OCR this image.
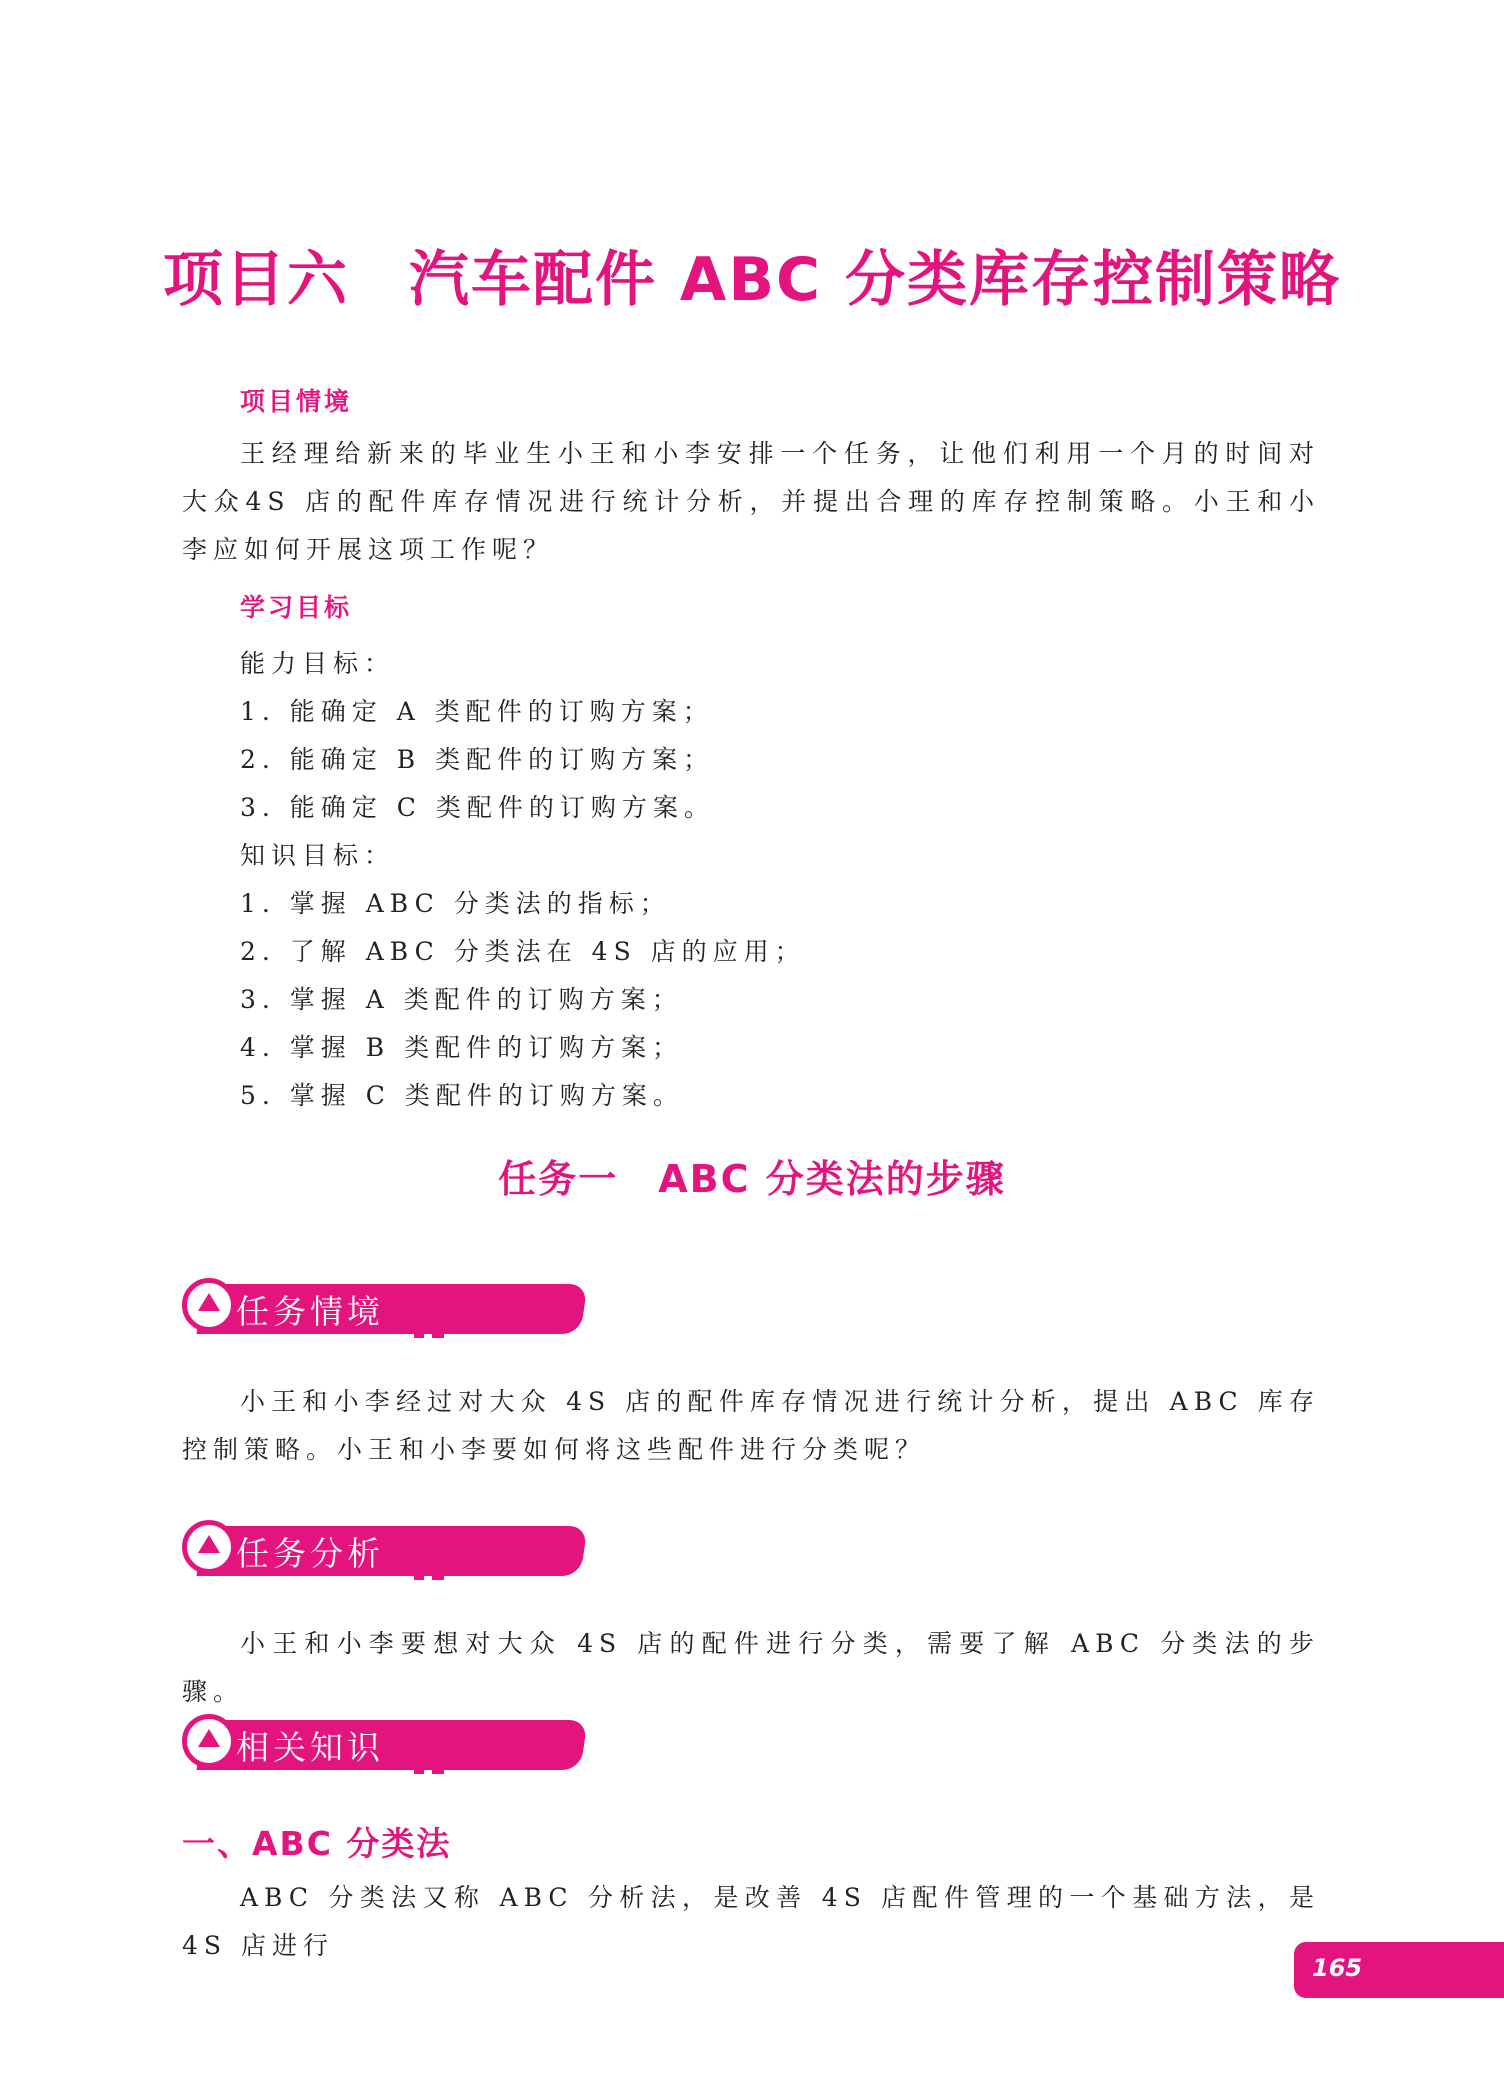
项目六 汽车配件 ABC 分类库存控制策略
项目情境
王经理给新来的毕业生小王和小李安排一个任务，让他们利用一个月的时间对大众4S 店的配件库存情况进行统计分析，并提出合理的库存控制策略。小王和小李应如何开展这项工作呢？
学习目标
能力目标：
1. 能确定 A 类配件的订购方案；
2. 能确定 B 类配件的订购方案；
3. 能确定 C 类配件的订购方案。
知识目标：
1. 掌握 ABC 分类法的指标；
2. 了解 ABC 分类法在 4S 店的应用；
3. 掌握 A 类配件的订购方案；
4. 掌握 B 类配件的订购方案；
5. 掌握 C 类配件的订购方案。
任务一 ABC 分类法的步骤
任务情境
小王和小李经过对大众 4S 店的配件库存情况进行统计分析，提出 ABC 库存控制策略。小王和小李要如何将这些配件进行分类呢？
任务分析
小王和小李要想对大众 4S 店的配件进行分类，需要了解 ABC 分类法的步骤。
相关知识
一、ABC 分类法
ABC 分类法又称 ABC 分析法，是改善 4S 店配件管理的一个基础方法，是 4S 店进行
165
